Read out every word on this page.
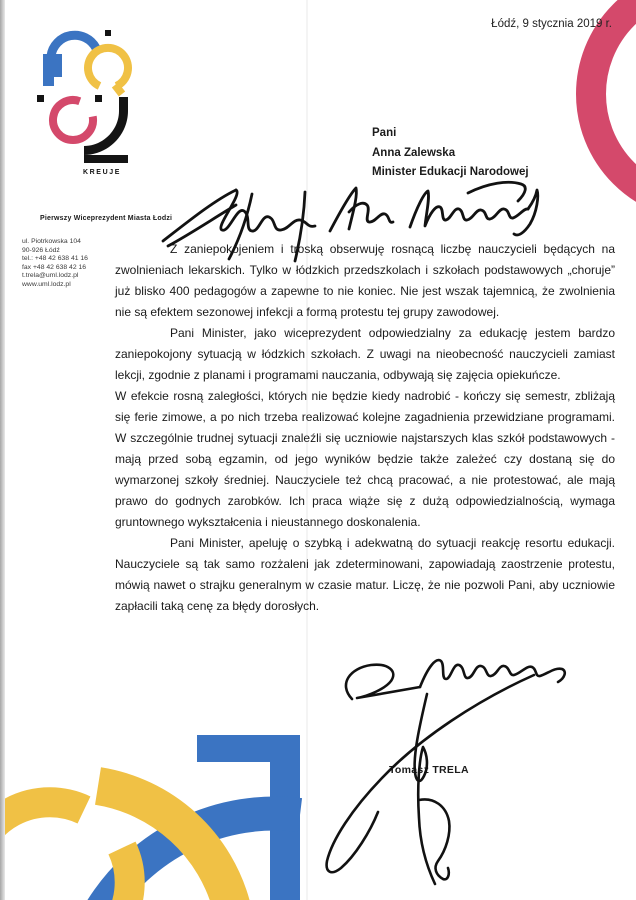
KREUJE
Łódź, 9 stycznia 2019 r.
Pani
Anna Zalewska
Minister Edukacji Narodowej
Pierwszy Wiceprezydent Miasta Łodzi
ul. Piotrkowska 104
90-926 Łódź
tel.: +48 42 638 41 16
fax +48 42 638 42 16
t.trela@uml.lodz.pl
www.uml.lodz.pl

Z zaniepokojeniem i troską obserwuję rosnącą liczbę nauczycieli będących na zwolnieniach lekarskich. Tylko w łódzkich przedszkolach i szkołach podstawowych „choruje” już blisko 400 pedagogów a zapewne to nie koniec. Nie jest wszak tajemnicą, że zwolnienia nie są efektem sezonowej infekcji a formą protestu tej grupy zawodowej.

Pani Minister, jako wiceprezydent odpowiedzialny za edukację jestem bardzo zaniepokojony sytuacją w łódzkich szkołach. Z uwagi na nieobecność nauczycieli zamiast lekcji, zgodnie z planami i programami nauczania, odbywają się zajęcia opiekuńcze.

W efekcie rosną zaległości, których nie będzie kiedy nadrobić - kończy się semestr, zbliżają się ferie zimowe, a po nich trzeba realizować kolejne zagadnienia przewidziane programami. W szczególnie trudnej sytuacji znaleźli się uczniowie najstarszych klas szkół podstawowych - mają przed sobą egzamin, od jego wyników będzie także zależeć czy dostaną się do wymarzonej szkoły średniej. Nauczyciele też chcą pracować, a nie protestować, ale mają prawo do godnych zarobków. Ich praca wiąże się z dużą odpowiedzialnością, wymaga gruntownego wykształcenia i nieustannego doskonalenia.

Pani Minister, apeluję o szybką i adekwatną do sytuacji reakcję resortu edukacji. Nauczyciele są tak samo rozżaleni jak zdeterminowani, zapowiadają zaostrzenie protestu, mówią nawet o strajku generalnym w czasie matur. Liczę, że nie pozwoli Pani, aby uczniowie zapłacili taką cenę za błędy dorosłych.

Tomasz TRELA
